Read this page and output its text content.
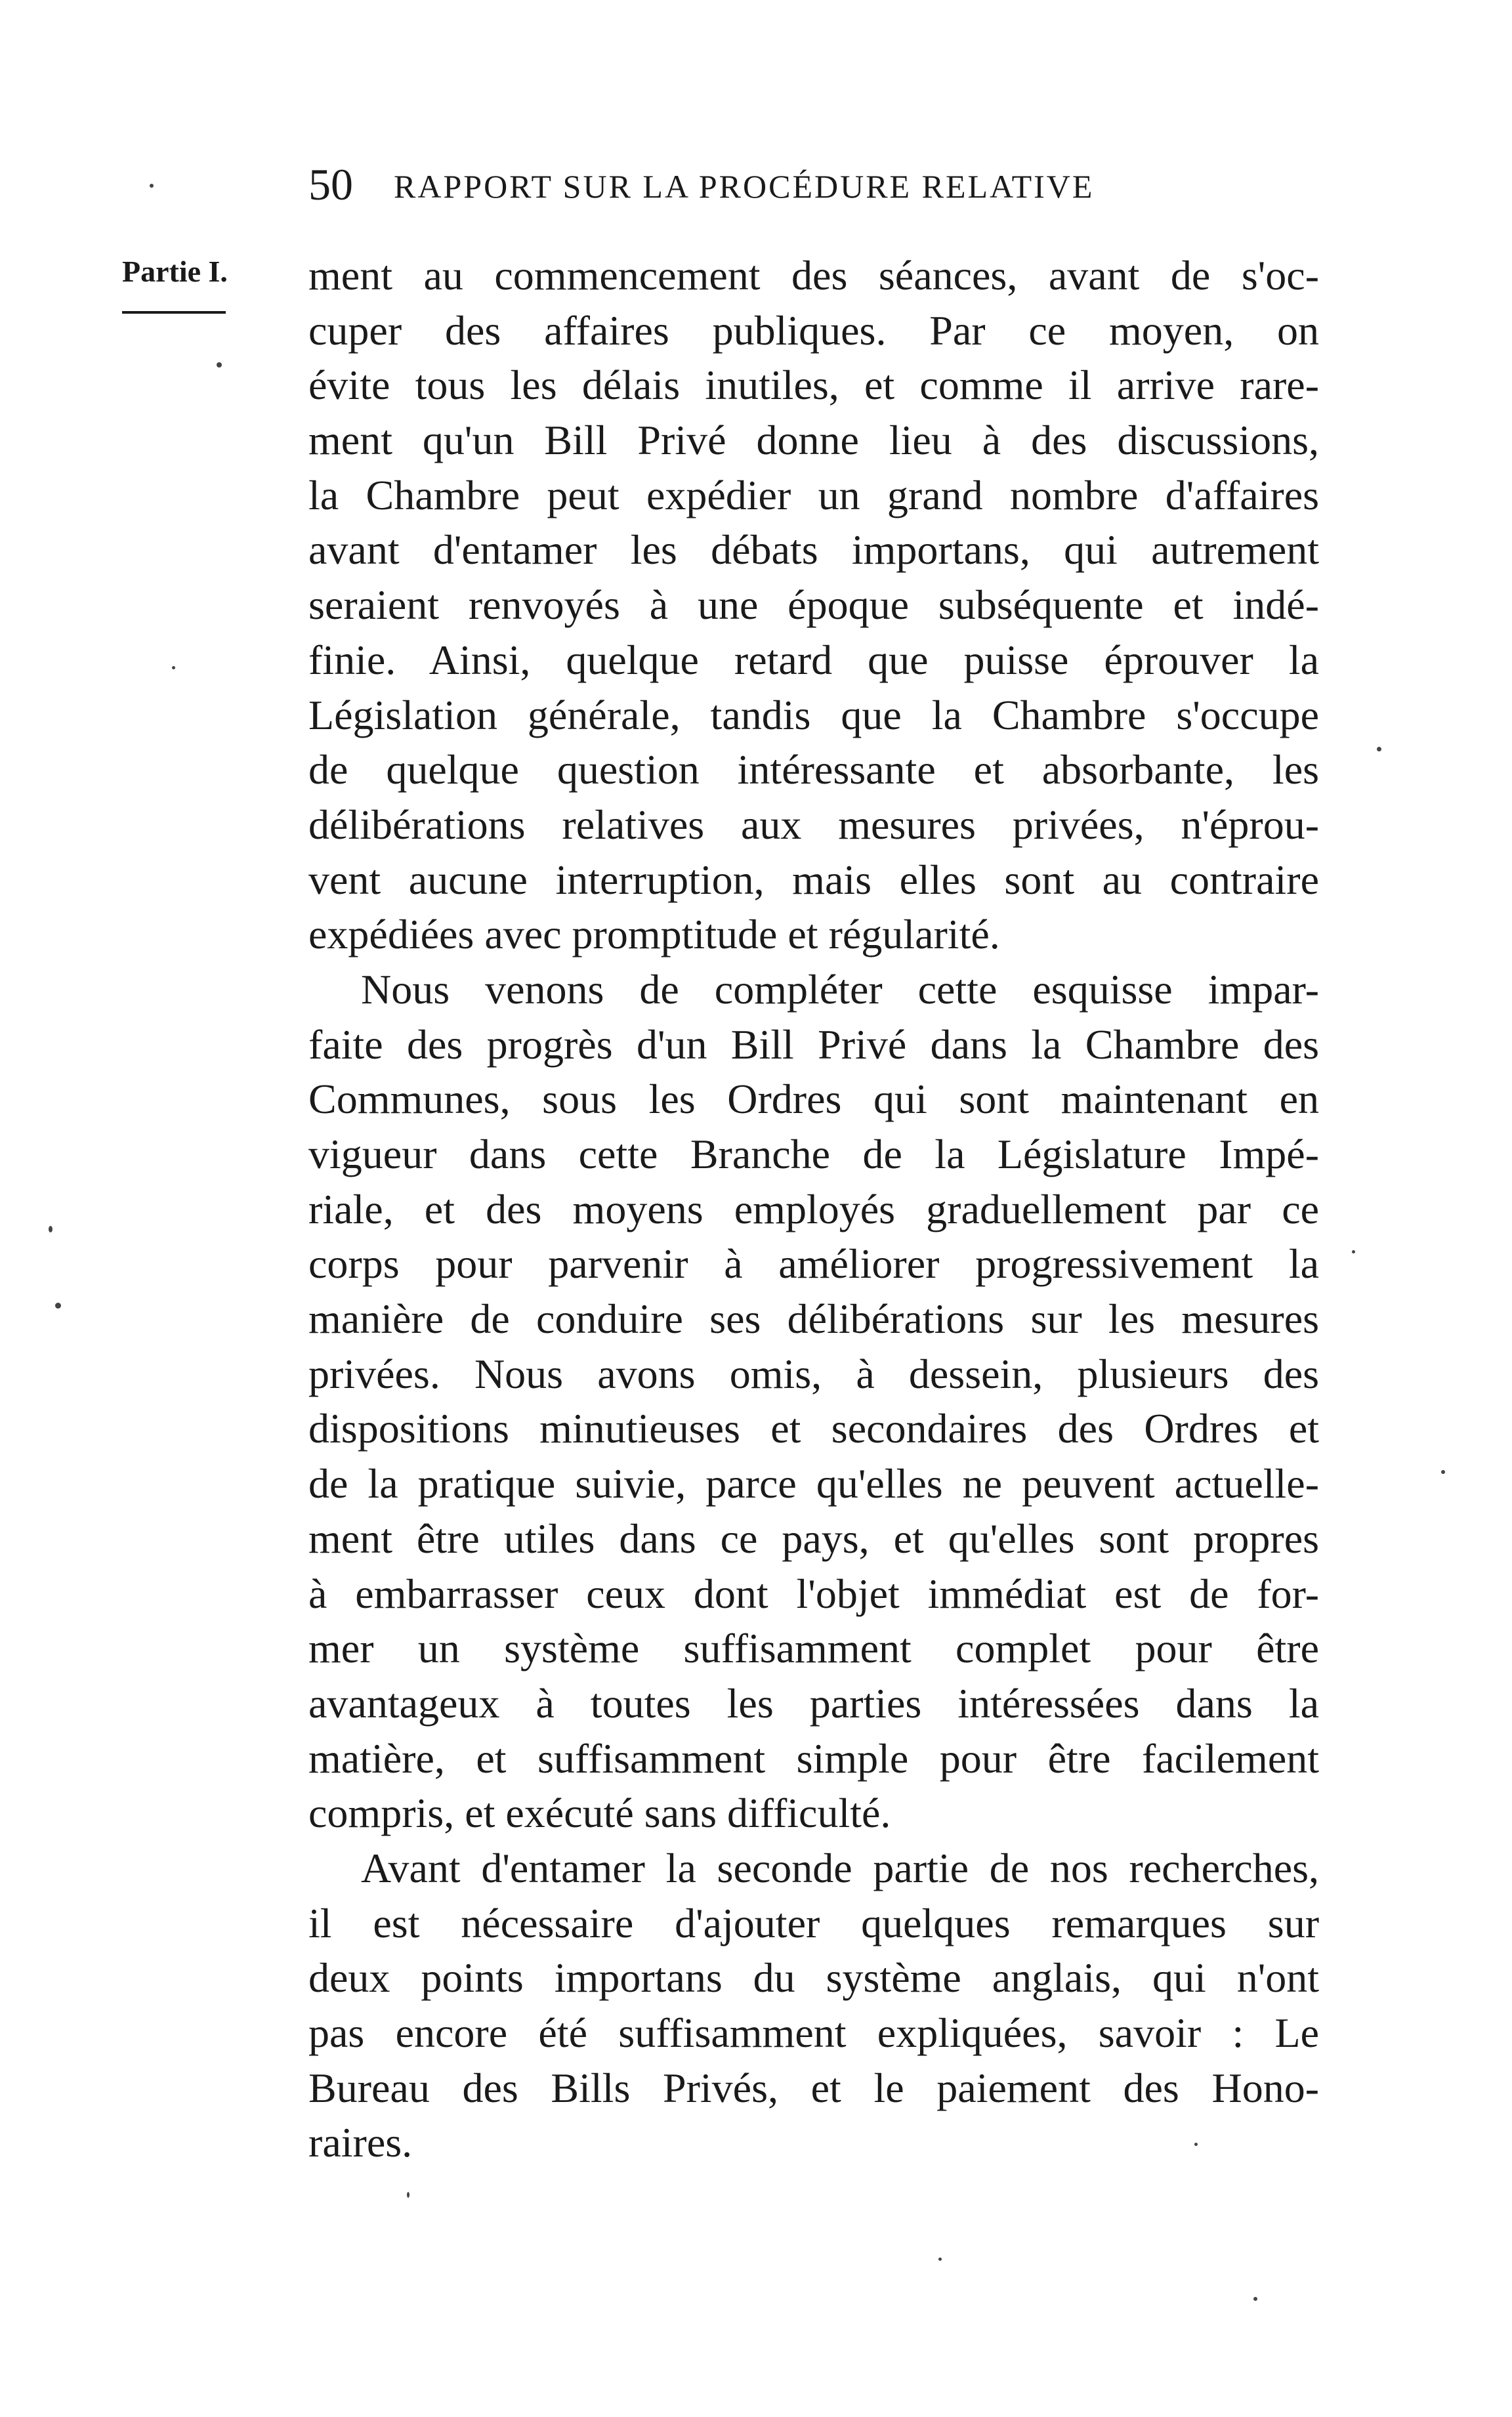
50 RAPPORT SUR LA PROCÉDURE RELATIVE
Partie I. ment au commencement des séances, avant de s'oc-
cuper des affaires publiques. Par ce moyen, on
évite tous les délais inutiles, et comme il arrive rare-
ment qu'un Bill Privé donne lieu à des discussions,
la Chambre peut expédier un grand nombre d'affaires
avant d'entamer les débats importans, qui autrement
seraient renvoyés à une époque subséquente et indé-
finie. Ainsi, quelque retard que puisse éprouver la
Législation générale, tandis que la Chambre s'occupe
de quelque question intéressante et absorbante, les
délibérations relatives aux mesures privées, n'éprou-
vent aucune interruption, mais elles sont au contraire
expédiées avec promptitude et régularité.
Nous venons de compléter cette esquisse impar-
faite des progrès d'un Bill Privé dans la Chambre des
Communes, sous les Ordres qui sont maintenant en
vigueur dans cette Branche de la Législature Impé-
riale, et des moyens employés graduellement par ce
corps pour parvenir à améliorer progressivement la
manière de conduire ses délibérations sur les mesures
privées. Nous avons omis, à dessein, plusieurs des
dispositions minutieuses et secondaires des Ordres et
de la pratique suivie, parce qu'elles ne peuvent actuelle-
ment être utiles dans ce pays, et qu'elles sont propres
à embarrasser ceux dont l'objet immédiat est de for-
mer un système suffisamment complet pour être
avantageux à toutes les parties intéressées dans la
matière, et suffisamment simple pour être facilement
compris, et exécuté sans difficulté.
Avant d'entamer la seconde partie de nos recherches,
il est nécessaire d'ajouter quelques remarques sur
deux points importans du système anglais, qui n'ont
pas encore été suffisamment expliquées, savoir : Le
Bureau des Bills Privés, et le paiement des Hono-
raires.
